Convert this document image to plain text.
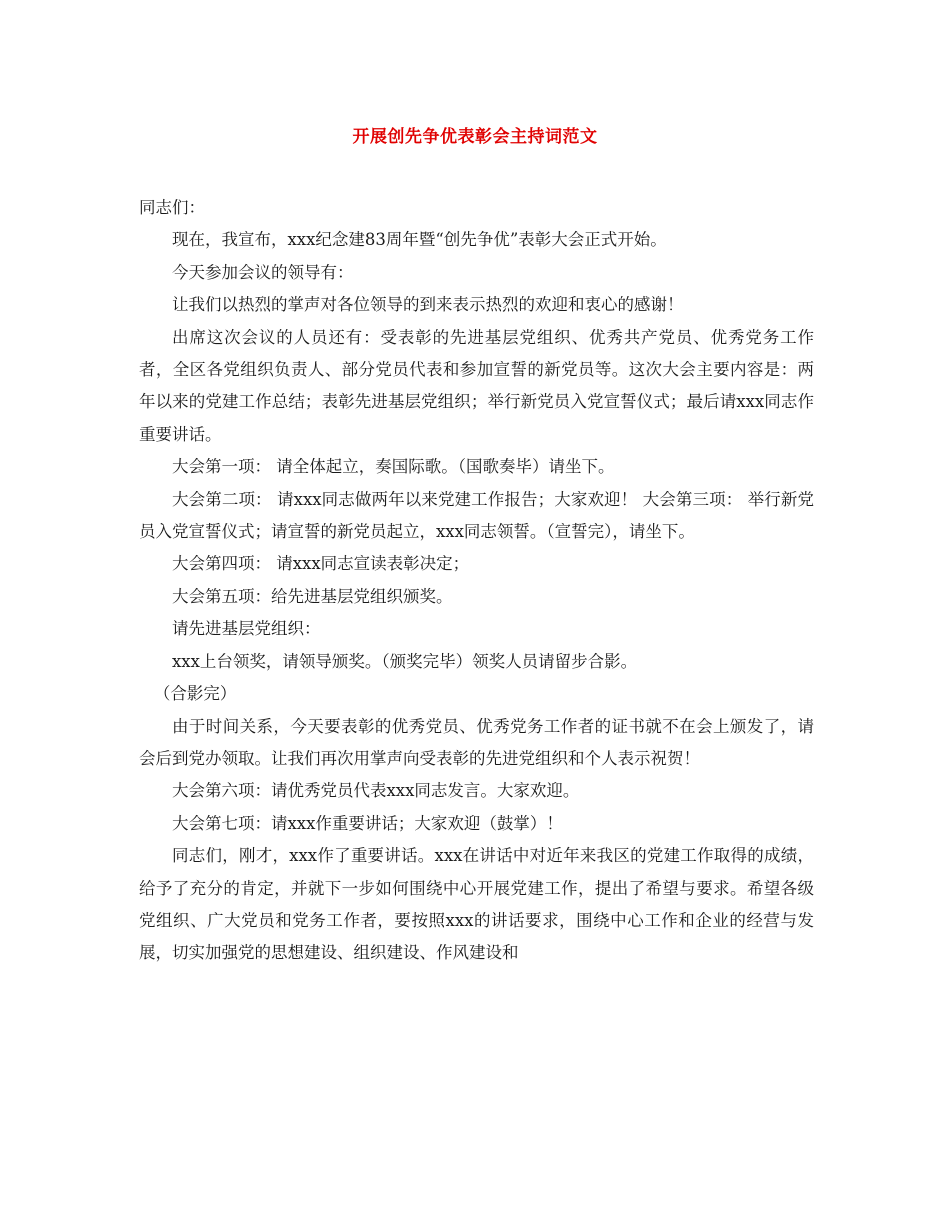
开展创先争优表彰会主持词范文

同志们：

现在，我宣布，xxx纪念建83周年暨“创先争优”表彰大会正式开始。

今天参加会议的领导有：

让我们以热烈的掌声对各位领导的到来表示热烈的欢迎和衷心的感谢！

出席这次会议的人员还有：受表彰的先进基层党组织、优秀共产党员、优秀党务工作者，全区各党组织负责人、部分党员代表和参加宣誓的新党员等。这次大会主要内容是：两年以来的党建工作总结；表彰先进基层党组织；举行新党员入党宣誓仪式；最后请xxx同志作重要讲话。

大会第一项： 请全体起立，奏国际歌。（国歌奏毕）请坐下。

大会第二项： 请xxx同志做两年以来党建工作报告；大家欢迎！ 大会第三项： 举行新党员入党宣誓仪式；请宣誓的新党员起立，xxx同志领誓。（宣誓完），请坐下。

大会第四项： 请xxx同志宣读表彰决定；

大会第五项：给先进基层党组织颁奖。

请先进基层党组织：

xxx上台领奖，请领导颁奖。（颁奖完毕）领奖人员请留步合影。

（合影完）

由于时间关系，今天要表彰的优秀党员、优秀党务工作者的证书就不在会上颁发了，请会后到党办领取。让我们再次用掌声向受表彰的先进党组织和个人表示祝贺！

大会第六项：请优秀党员代表xxx同志发言。大家欢迎。

大会第七项：请xxx作重要讲话；大家欢迎（鼓掌）！

同志们，刚才，xxx作了重要讲话。xxx在讲话中对近年来我区的党建工作取得的成绩，给予了充分的肯定，并就下一步如何围绕中心开展党建工作，提出了希望与要求。希望各级党组织、广大党员和党务工作者，要按照xxx的讲话要求，围绕中心工作和企业的经营与发展，切实加强党的思想建设、组织建设、作风建设和
